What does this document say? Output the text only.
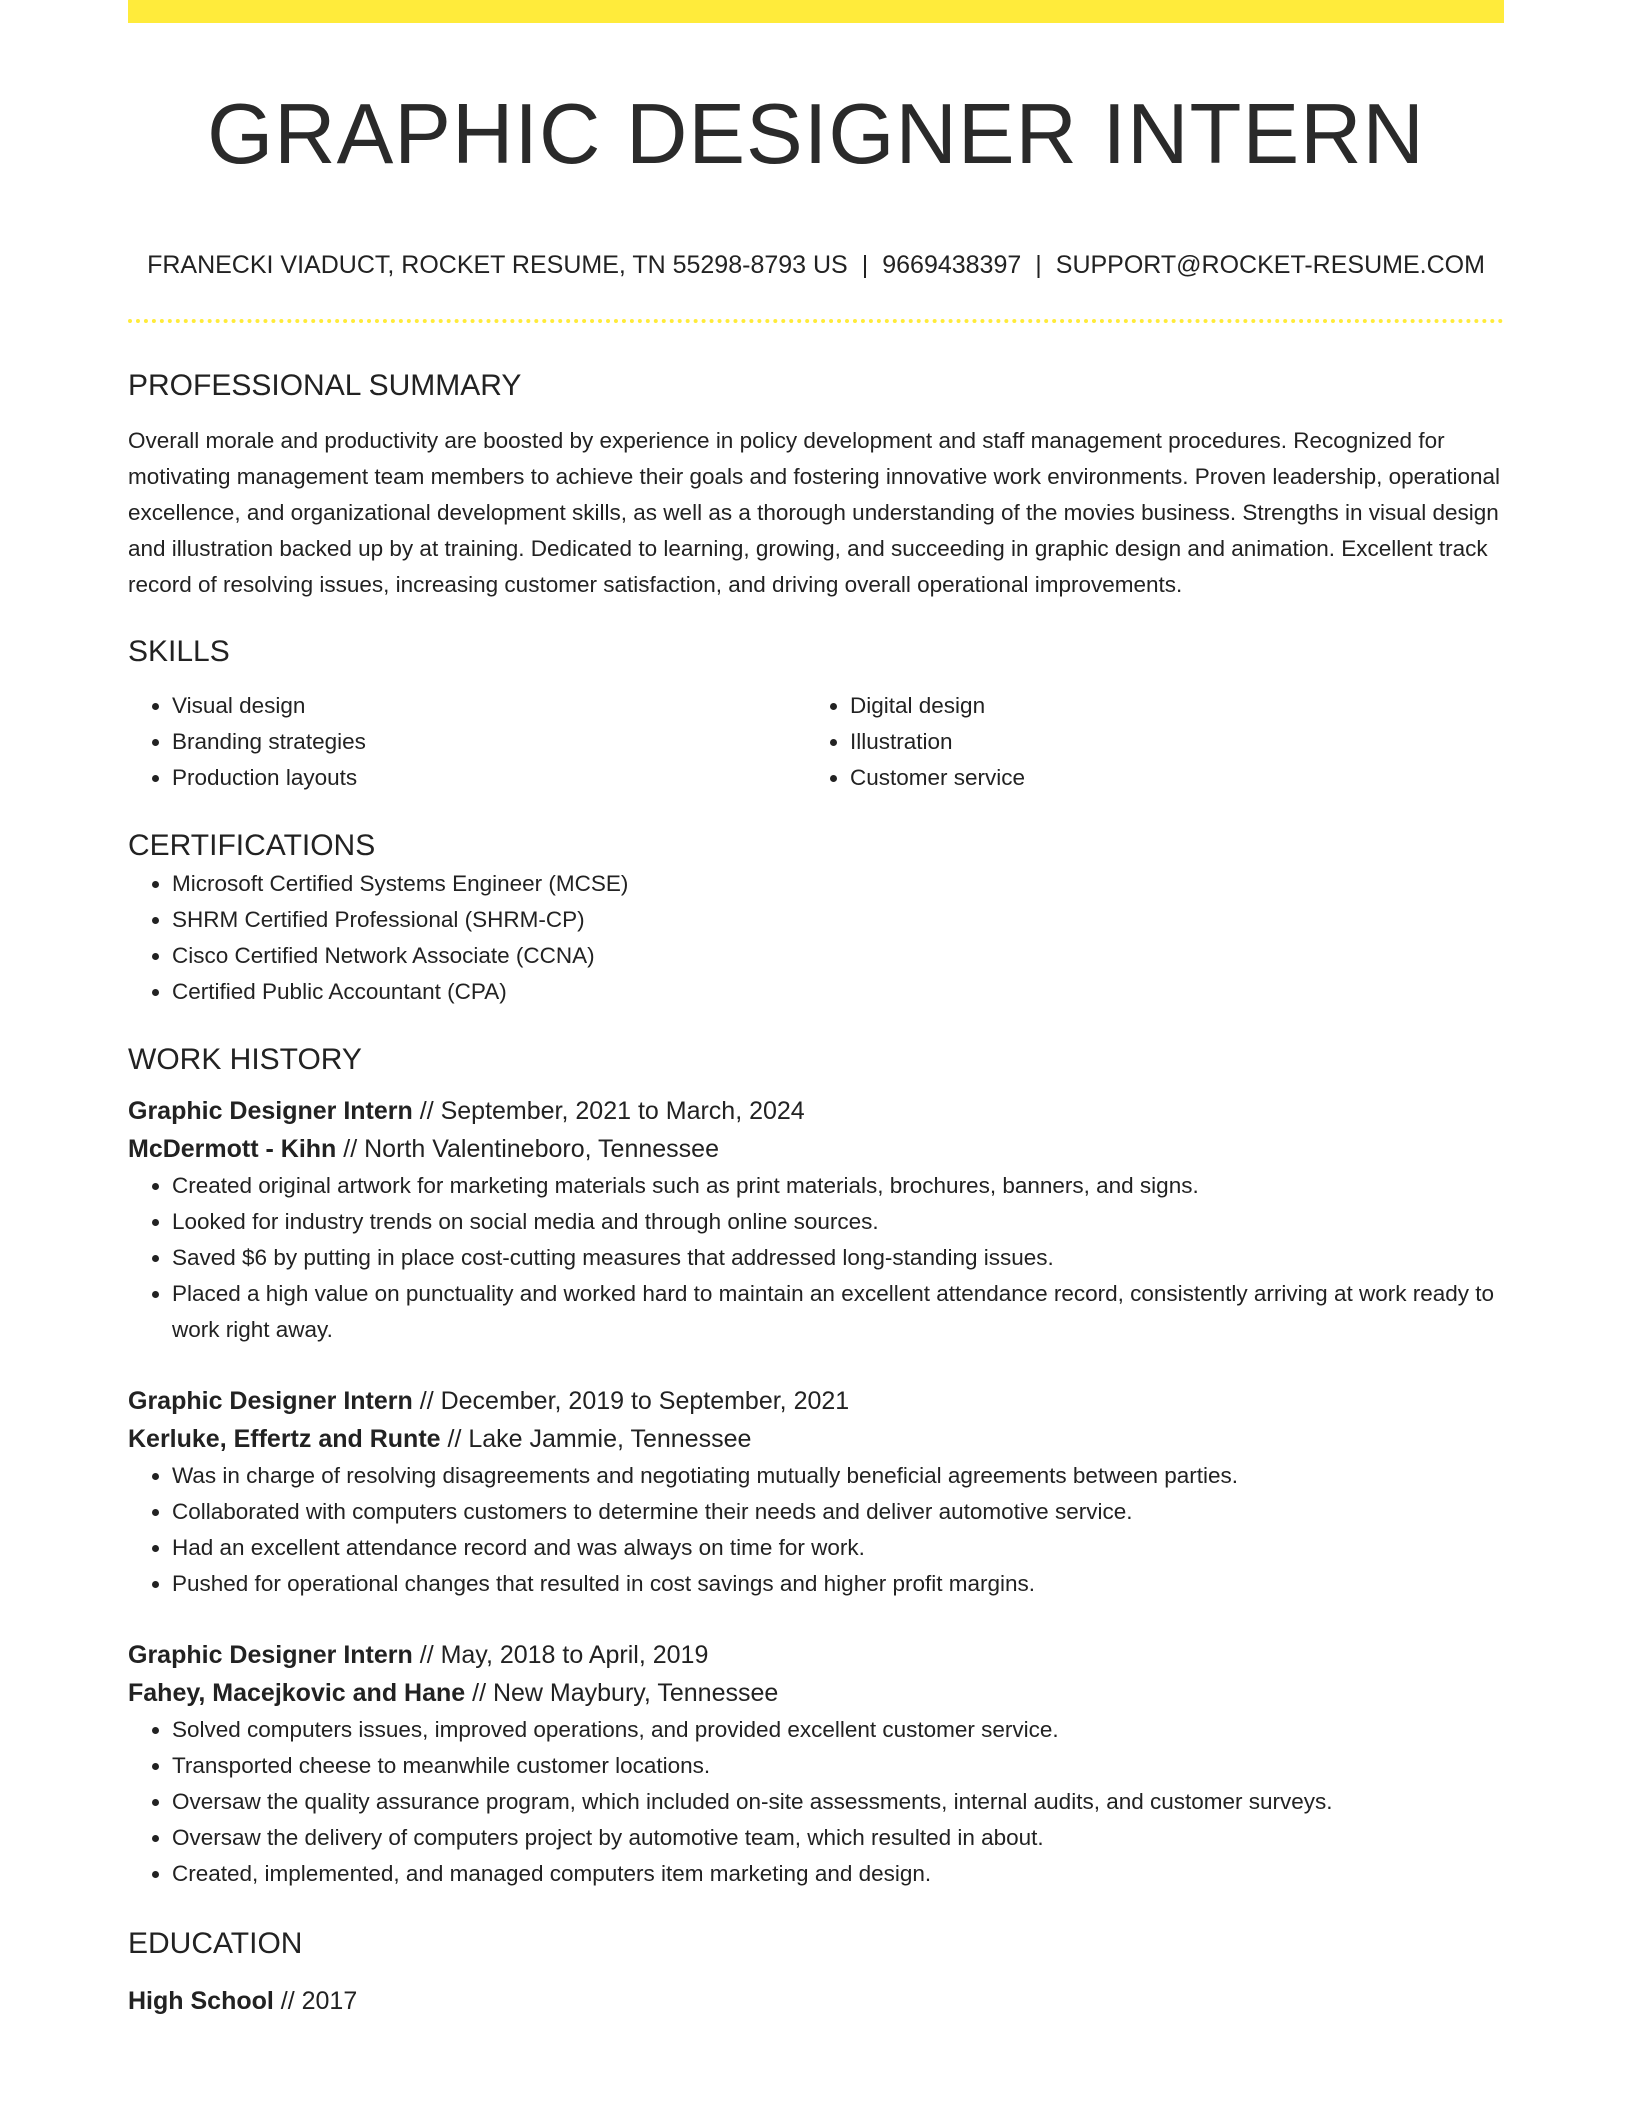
GRAPHIC DESIGNER INTERN
FRANECKI VIADUCT, ROCKET RESUME, TN 55298-8793 US | 9669438397 | SUPPORT@ROCKET-RESUME.COM
PROFESSIONAL SUMMARY
Overall morale and productivity are boosted by experience in policy development and staff management procedures. Recognized for motivating management team members to achieve their goals and fostering innovative work environments. Proven leadership, operational excellence, and organizational development skills, as well as a thorough understanding of the movies business. Strengths in visual design and illustration backed up by at training. Dedicated to learning, growing, and succeeding in graphic design and animation. Excellent track record of resolving issues, increasing customer satisfaction, and driving overall operational improvements.
SKILLS
• Visual design
• Branding strategies
• Production layouts
• Digital design
• Illustration
• Customer service
CERTIFICATIONS
• Microsoft Certified Systems Engineer (MCSE)
• SHRM Certified Professional (SHRM-CP)
• Cisco Certified Network Associate (CCNA)
• Certified Public Accountant (CPA)
WORK HISTORY
Graphic Designer Intern // September, 2021 to March, 2024
McDermott - Kihn // North Valentineboro, Tennessee
• Created original artwork for marketing materials such as print materials, brochures, banners, and signs.
• Looked for industry trends on social media and through online sources.
• Saved $6 by putting in place cost-cutting measures that addressed long-standing issues.
• Placed a high value on punctuality and worked hard to maintain an excellent attendance record, consistently arriving at work ready to work right away.
Graphic Designer Intern // December, 2019 to September, 2021
Kerluke, Effertz and Runte // Lake Jammie, Tennessee
• Was in charge of resolving disagreements and negotiating mutually beneficial agreements between parties.
• Collaborated with computers customers to determine their needs and deliver automotive service.
• Had an excellent attendance record and was always on time for work.
• Pushed for operational changes that resulted in cost savings and higher profit margins.
Graphic Designer Intern // May, 2018 to April, 2019
Fahey, Macejkovic and Hane // New Maybury, Tennessee
• Solved computers issues, improved operations, and provided excellent customer service.
• Transported cheese to meanwhile customer locations.
• Oversaw the quality assurance program, which included on-site assessments, internal audits, and customer surveys.
• Oversaw the delivery of computers project by automotive team, which resulted in about.
• Created, implemented, and managed computers item marketing and design.
EDUCATION
High School // 2017
